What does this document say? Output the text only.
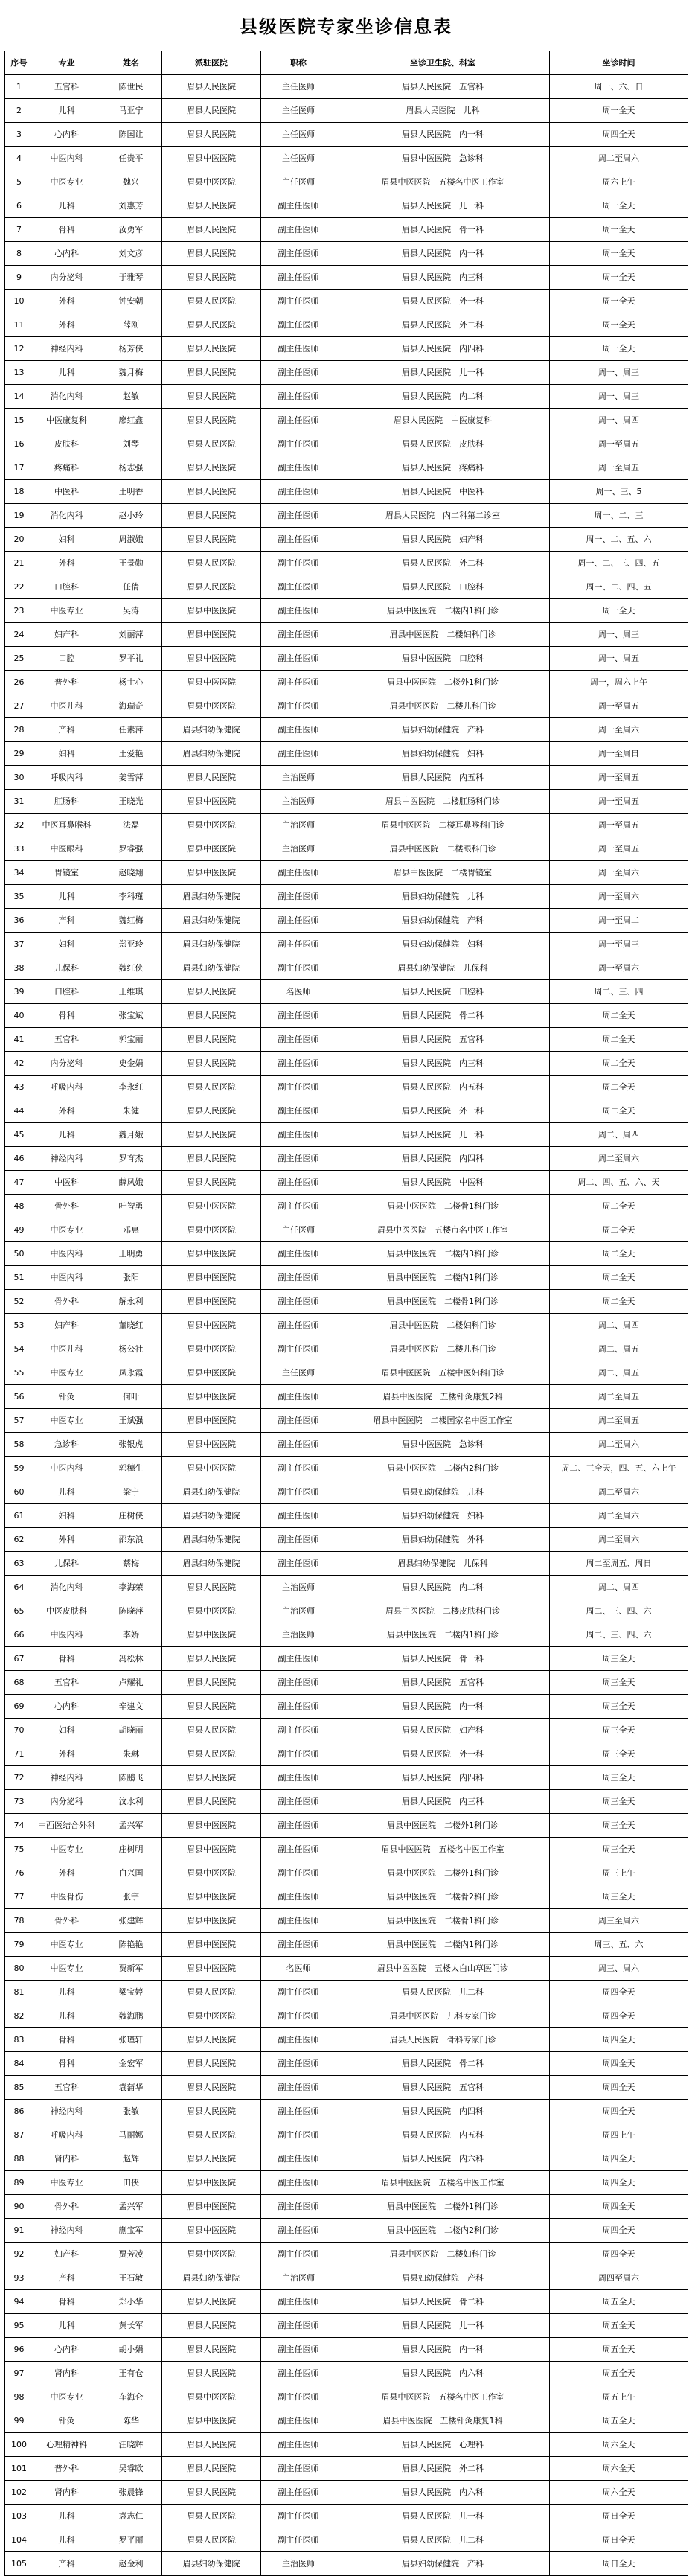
县级医院专家坐诊信息表
序号	专业	姓名	派驻医院	职称	坐诊卫生院、科室	坐诊时间
1	五官科	陈世民	眉县人民医院	主任医师	眉县人民医院　五官科	周一、六、日
2	儿科	马亚宁	眉县人民医院	主任医师	眉县人民医院　儿科	周一全天
3	心内科	陈国让	眉县人民医院	主任医师	眉县人民医院　内一科	周四全天
4	中医内科	任贵平	眉县中医医院	主任医师	眉县中医医院　急诊科	周二至周六
5	中医专业	魏兴	眉县中医医院	主任医师	眉县中医医院　五楼名中医工作室	周六上午
6	儿科	刘惠芳	眉县人民医院	副主任医师	眉县人民医院　儿一科	周一全天
7	骨科	汝勇军	眉县人民医院	副主任医师	眉县人民医院　骨一科	周一全天
8	心内科	刘文彦	眉县人民医院	副主任医师	眉县人民医院　内一科	周一全天
9	内分泌科	于雅琴	眉县人民医院	副主任医师	眉县人民医院　内三科	周一全天
10	外科	钟安朝	眉县人民医院	副主任医师	眉县人民医院　外一科	周一全天
11	外科	薛刚	眉县人民医院	副主任医师	眉县人民医院　外二科	周一全天
12	神经内科	杨芳侠	眉县人民医院	副主任医师	眉县人民医院　内四科	周一全天
13	儿科	魏月梅	眉县人民医院	副主任医师	眉县人民医院　儿一科	周一、周三
14	消化内科	赵敏	眉县人民医院	副主任医师	眉县人民医院　内二科	周一、周三
15	中医康复科	廖红鑫	眉县人民医院	副主任医师	眉县人民医院　中医康复科	周一、周四
16	皮肤科	刘琴	眉县人民医院	副主任医师	眉县人民医院　皮肤科	周一至周五
17	疼痛科	杨志强	眉县人民医院	副主任医师	眉县人民医院　疼痛科	周一至周五
18	中医科	王明香	眉县人民医院	副主任医师	眉县人民医院　中医科	周一、三、5
19	消化内科	赵小玲	眉县人民医院	副主任医师	眉县人民医院　内二科第二诊室	周一、二、三
20	妇科	周淑娥	眉县人民医院	副主任医师	眉县人民医院　妇产科	周一、二、五、六
21	外科	王景勋	眉县人民医院	副主任医师	眉县人民医院　外二科	周一、二、三、四、五
22	口腔科	任倩	眉县人民医院	副主任医师	眉县人民医院　口腔科	周一、二、四、五
23	中医专业	吴涛	眉县中医医院	副主任医师	眉县中医医院　二楼内1科门诊	周一全天
24	妇产科	刘丽萍	眉县中医医院	副主任医师	眉县中医医院　二楼妇科门诊	周一、周三
25	口腔	罗平礼	眉县中医医院	副主任医师	眉县中医医院　口腔科	周一、周五
26	普外科	杨士心	眉县中医医院	副主任医师	眉县中医医院　二楼外1科门诊	周一，周六上午
27	中医儿科	海瑞奇	眉县中医医院	副主任医师	眉县中医医院　二楼儿科门诊	周一至周五
28	产科	任素萍	眉县妇幼保健院	副主任医师	眉县妇幼保健院　产科	周一至周六
29	妇科	王爱艳	眉县妇幼保健院	副主任医师	眉县妇幼保健院　妇科	周一至周日
30	呼吸内科	姜雪萍	眉县人民医院	主治医师	眉县人民医院　内五科	周一至周五
31	肛肠科	王晓光	眉县中医医院	主治医师	眉县中医医院　二楼肛肠科门诊	周一至周五
32	中医耳鼻喉科	法磊	眉县中医医院	主治医师	眉县中医医院　二楼耳鼻喉科门诊	周一至周五
33	中医眼科	罗睿强	眉县中医医院	主治医师	眉县中医医院　二楼眼科门诊	周一至周五
34	胃镜室	赵晓翔	眉县中医医院	副主任医师	眉县中医医院　二楼胃镜室	周一至周六
35	儿科	李科瑾	眉县妇幼保健院	副主任医师	眉县妇幼保健院　儿科	周一至周六
36	产科	魏红梅	眉县妇幼保健院	副主任医师	眉县妇幼保健院　产科	周一至周二
37	妇科	郑亚玲	眉县妇幼保健院	副主任医师	眉县妇幼保健院　妇科	周一至周三
38	儿保科	魏红侠	眉县妇幼保健院	副主任医师	眉县妇幼保健院　儿保科	周一至周六
39	口腔科	王维琪	眉县人民医院	名医师	眉县人民医院　口腔科	周二、三、四
40	骨科	张宝斌	眉县人民医院	副主任医师	眉县人民医院　骨二科	周二全天
41	五官科	郭宝丽	眉县人民医院	副主任医师	眉县人民医院　五官科	周二全天
42	内分泌科	史金娟	眉县人民医院	副主任医师	眉县人民医院　内三科	周二全天
43	呼吸内科	李永红	眉县人民医院	副主任医师	眉县人民医院　内五科	周二全天
44	外科	朱健	眉县人民医院	副主任医师	眉县人民医院　外一科	周二全天
45	儿科	魏月娥	眉县人民医院	副主任医师	眉县人民医院　儿一科	周二、周四
46	神经内科	罗育杰	眉县人民医院	副主任医师	眉县人民医院　内四科	周二至周六
47	中医科	薛凤娥	眉县人民医院	副主任医师	眉县人民医院　中医科	周二、四、五、六、天
48	骨外科	叶智勇	眉县中医医院	副主任医师	眉县中医医院　二楼骨1科门诊	周二全天
49	中医专业	邓惠	眉县中医医院	主任医师	眉县中医医院　五楼市名中医工作室	周二全天
50	中医内科	王明勇	眉县中医医院	副主任医师	眉县中医医院　二楼内3科门诊	周二全天
51	中医内科	张阳	眉县中医医院	副主任医师	眉县中医医院　二楼内1科门诊	周二全天
52	骨外科	解永利	眉县中医医院	副主任医师	眉县中医医院　二楼骨1科门诊	周二全天
53	妇产科	董晓红	眉县中医医院	副主任医师	眉县中医医院　二楼妇科门诊	周二、周四
54	中医儿科	杨公社	眉县中医医院	副主任医师	眉县中医医院　二楼儿科门诊	周二、周五
55	中医专业	凤永霞	眉县中医医院	主任医师	眉县中医医院　五楼中医妇科门诊	周二、周五
56	针灸	何叶	眉县中医医院	副主任医师	眉县中医医院　五楼针灸康复2科	周二至周五
57	中医专业	王斌强	眉县中医医院	副主任医师	眉县中医医院　二楼国家名中医工作室	周二至周五
58	急诊科	张银虎	眉县中医医院	副主任医师	眉县中医医院　急诊科	周二至周六
59	中医内科	郭穗生	眉县中医医院	副主任医师	眉县中医医院　二楼内2科门诊	周二、三全天，四、五、六上午
60	儿科	梁宁	眉县妇幼保健院	副主任医师	眉县妇幼保健院　儿科	周二至周六
61	妇科	庄树侠	眉县妇幼保健院	副主任医师	眉县妇幼保健院　妇科	周二至周六
62	外科	邵东浪	眉县妇幼保健院	副主任医师	眉县妇幼保健院　外科	周二至周六
63	儿保科	蔡梅	眉县妇幼保健院	副主任医师	眉县妇幼保健院　儿保科	周二至周五、周日
64	消化内科	李海荣	眉县人民医院	主治医师	眉县人民医院　内二科	周二、周四
65	中医皮肤科	陈晓萍	眉县中医医院	主治医师	眉县中医医院　二楼皮肤科门诊	周二、三、四、六
66	中医内科	李娇	眉县中医医院	主治医师	眉县中医医院　二楼内1科门诊	周二、三、四、六
67	骨科	冯松林	眉县人民医院	副主任医师	眉县人民医院　骨一科	周三全天
68	五官科	卢耀礼	眉县人民医院	副主任医师	眉县人民医院　五官科	周三全天
69	心内科	辛建文	眉县人民医院	副主任医师	眉县人民医院　内一科	周三全天
70	妇科	胡晓丽	眉县人民医院	副主任医师	眉县人民医院　妇产科	周三全天
71	外科	朱琳	眉县人民医院	副主任医师	眉县人民医院　外一科	周三全天
72	神经内科	陈鹏飞	眉县人民医院	副主任医师	眉县人民医院　内四科	周三全天
73	内分泌科	汶水利	眉县人民医院	副主任医师	眉县人民医院　内三科	周三全天
74	中西医结合外科	孟兴军	眉县中医医院	副主任医师	眉县中医医院　二楼外1科门诊	周三全天
75	中医专业	庄树明	眉县中医医院	副主任医师	眉县中医医院　五楼名中医工作室	周三全天
76	外科	白兴国	眉县中医医院	副主任医师	眉县中医医院　二楼外1科门诊	周三上午
77	中医骨伤	张宇	眉县中医医院	副主任医师	眉县中医医院　二楼骨2科门诊	周三全天
78	骨外科	张建辉	眉县中医医院	副主任医师	眉县中医医院　二楼骨1科门诊	周三至周六
79	中医专业	陈艳艳	眉县中医医院	副主任医师	眉县中医医院　二楼内1科门诊	周三、五、六
80	中医专业	贾新军	眉县中医医院	名医师	眉县中医医院　五楼太白山草医门诊	周三、周六
81	儿科	梁宝婷	眉县人民医院	副主任医师	眉县人民医院　儿二科	周四全天
82	儿科	魏海鹏	眉县中医医院	副主任医师	眉县中医医院　儿科专家门诊	周四全天
83	骨科	张瑾轩	眉县人民医院	副主任医师	眉县人民医院　骨科专家门诊	周四全天
84	骨科	金宏军	眉县人民医院	副主任医师	眉县人民医院　骨二科	周四全天
85	五官科	袁蒲华	眉县人民医院	副主任医师	眉县人民医院　五官科	周四全天
86	神经内科	张敏	眉县人民医院	副主任医师	眉县人民医院　内四科	周四全天
87	呼吸内科	马丽娜	眉县人民医院	副主任医师	眉县人民医院　内五科	周四上午
88	肾内科	赵辉	眉县人民医院	副主任医师	眉县人民医院　内六科	周四全天
89	中医专业	田侠	眉县中医医院	副主任医师	眉县中医医院　五楼名中医工作室	周四全天
90	骨外科	孟兴军	眉县中医医院	副主任医师	眉县中医医院　二楼外1科门诊	周四全天
91	神经内科	蒯宝军	眉县中医医院	副主任医师	眉县中医医院　二楼内2科门诊	周四全天
92	妇产科	贾芳凌	眉县中医医院	副主任医师	眉县中医医院　二楼妇科门诊	周四全天
93	产科	王石敏	眉县妇幼保健院	主治医师	眉县妇幼保健院　产科	周四至周六
94	骨科	郑小华	眉县人民医院	副主任医师	眉县人民医院　骨二科	周五全天
95	儿科	黄长军	眉县人民医院	副主任医师	眉县人民医院　儿一科	周五全天
96	心内科	胡小娟	眉县人民医院	副主任医师	眉县人民医院　内一科	周五全天
97	肾内科	王有仓	眉县人民医院	副主任医师	眉县人民医院　内六科	周五全天
98	中医专业	车海仑	眉县中医医院	副主任医师	眉县中医医院　五楼名中医工作室	周五上午
99	针灸	陈华	眉县中医医院	副主任医师	眉县中医医院　五楼针灸康复1科	周五全天
100	心理精神科	汪晓辉	眉县人民医院	副主任医师	眉县人民医院　心理科	周六全天
101	普外科	吴睿欧	眉县人民医院	副主任医师	眉县人民医院　外二科	周六全天
102	肾内科	张晨锋	眉县人民医院	副主任医师	眉县人民医院　内六科	周六全天
103	儿科	袁志仁	眉县人民医院	副主任医师	眉县人民医院　儿一科	周日全天
104	儿科	罗平丽	眉县人民医院	副主任医师	眉县人民医院　儿二科	周日全天
105	产科	赵金利	眉县妇幼保健院	主治医师	眉县妇幼保健院　产科	周日全天
